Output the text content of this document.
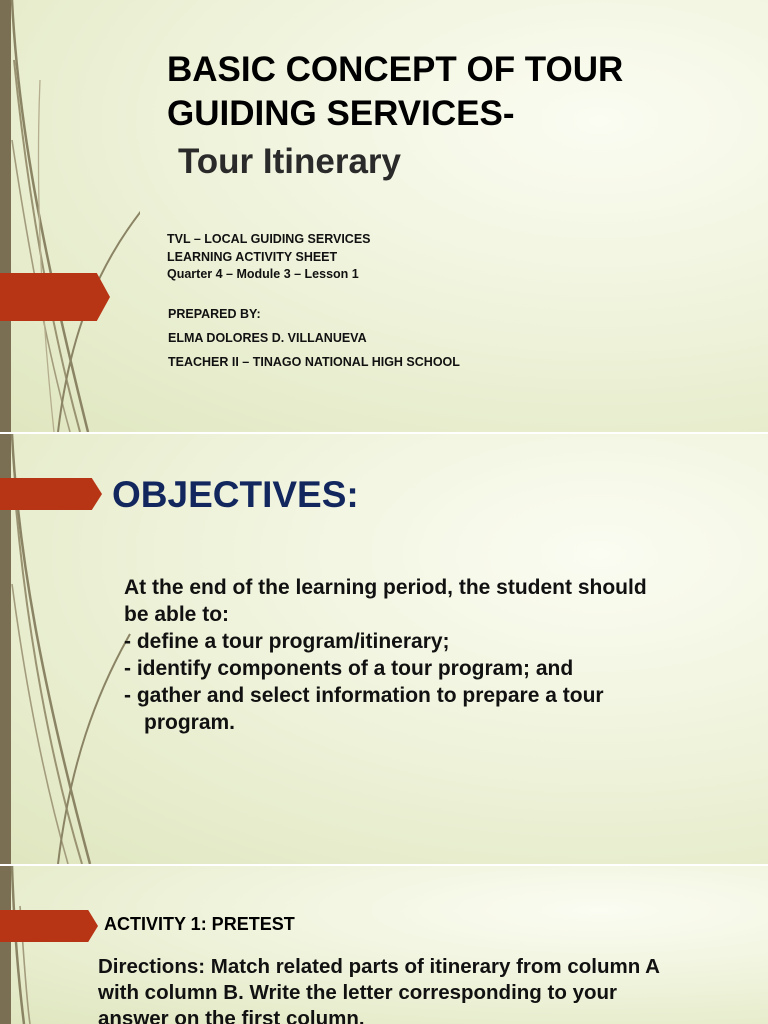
BASIC CONCEPT OF TOUR
GUIDING SERVICES-
Tour Itinerary
TVL – LOCAL GUIDING SERVICES
LEARNING ACTIVITY SHEET
Quarter 4 – Module 3 – Lesson 1
PREPARED BY:
ELMA DOLORES D. VILLANUEVA
TEACHER II – TINAGO NATIONAL HIGH SCHOOL
OBJECTIVES:
At the end of the learning period, the student should
be able to:
- define a tour program/itinerary;
- identify components of a tour program; and
- gather and select information to prepare a tour
program.
ACTIVITY 1: PRETEST
Directions: Match related parts of itinerary from column A
with column B. Write the letter corresponding to your
answer on the first column.
